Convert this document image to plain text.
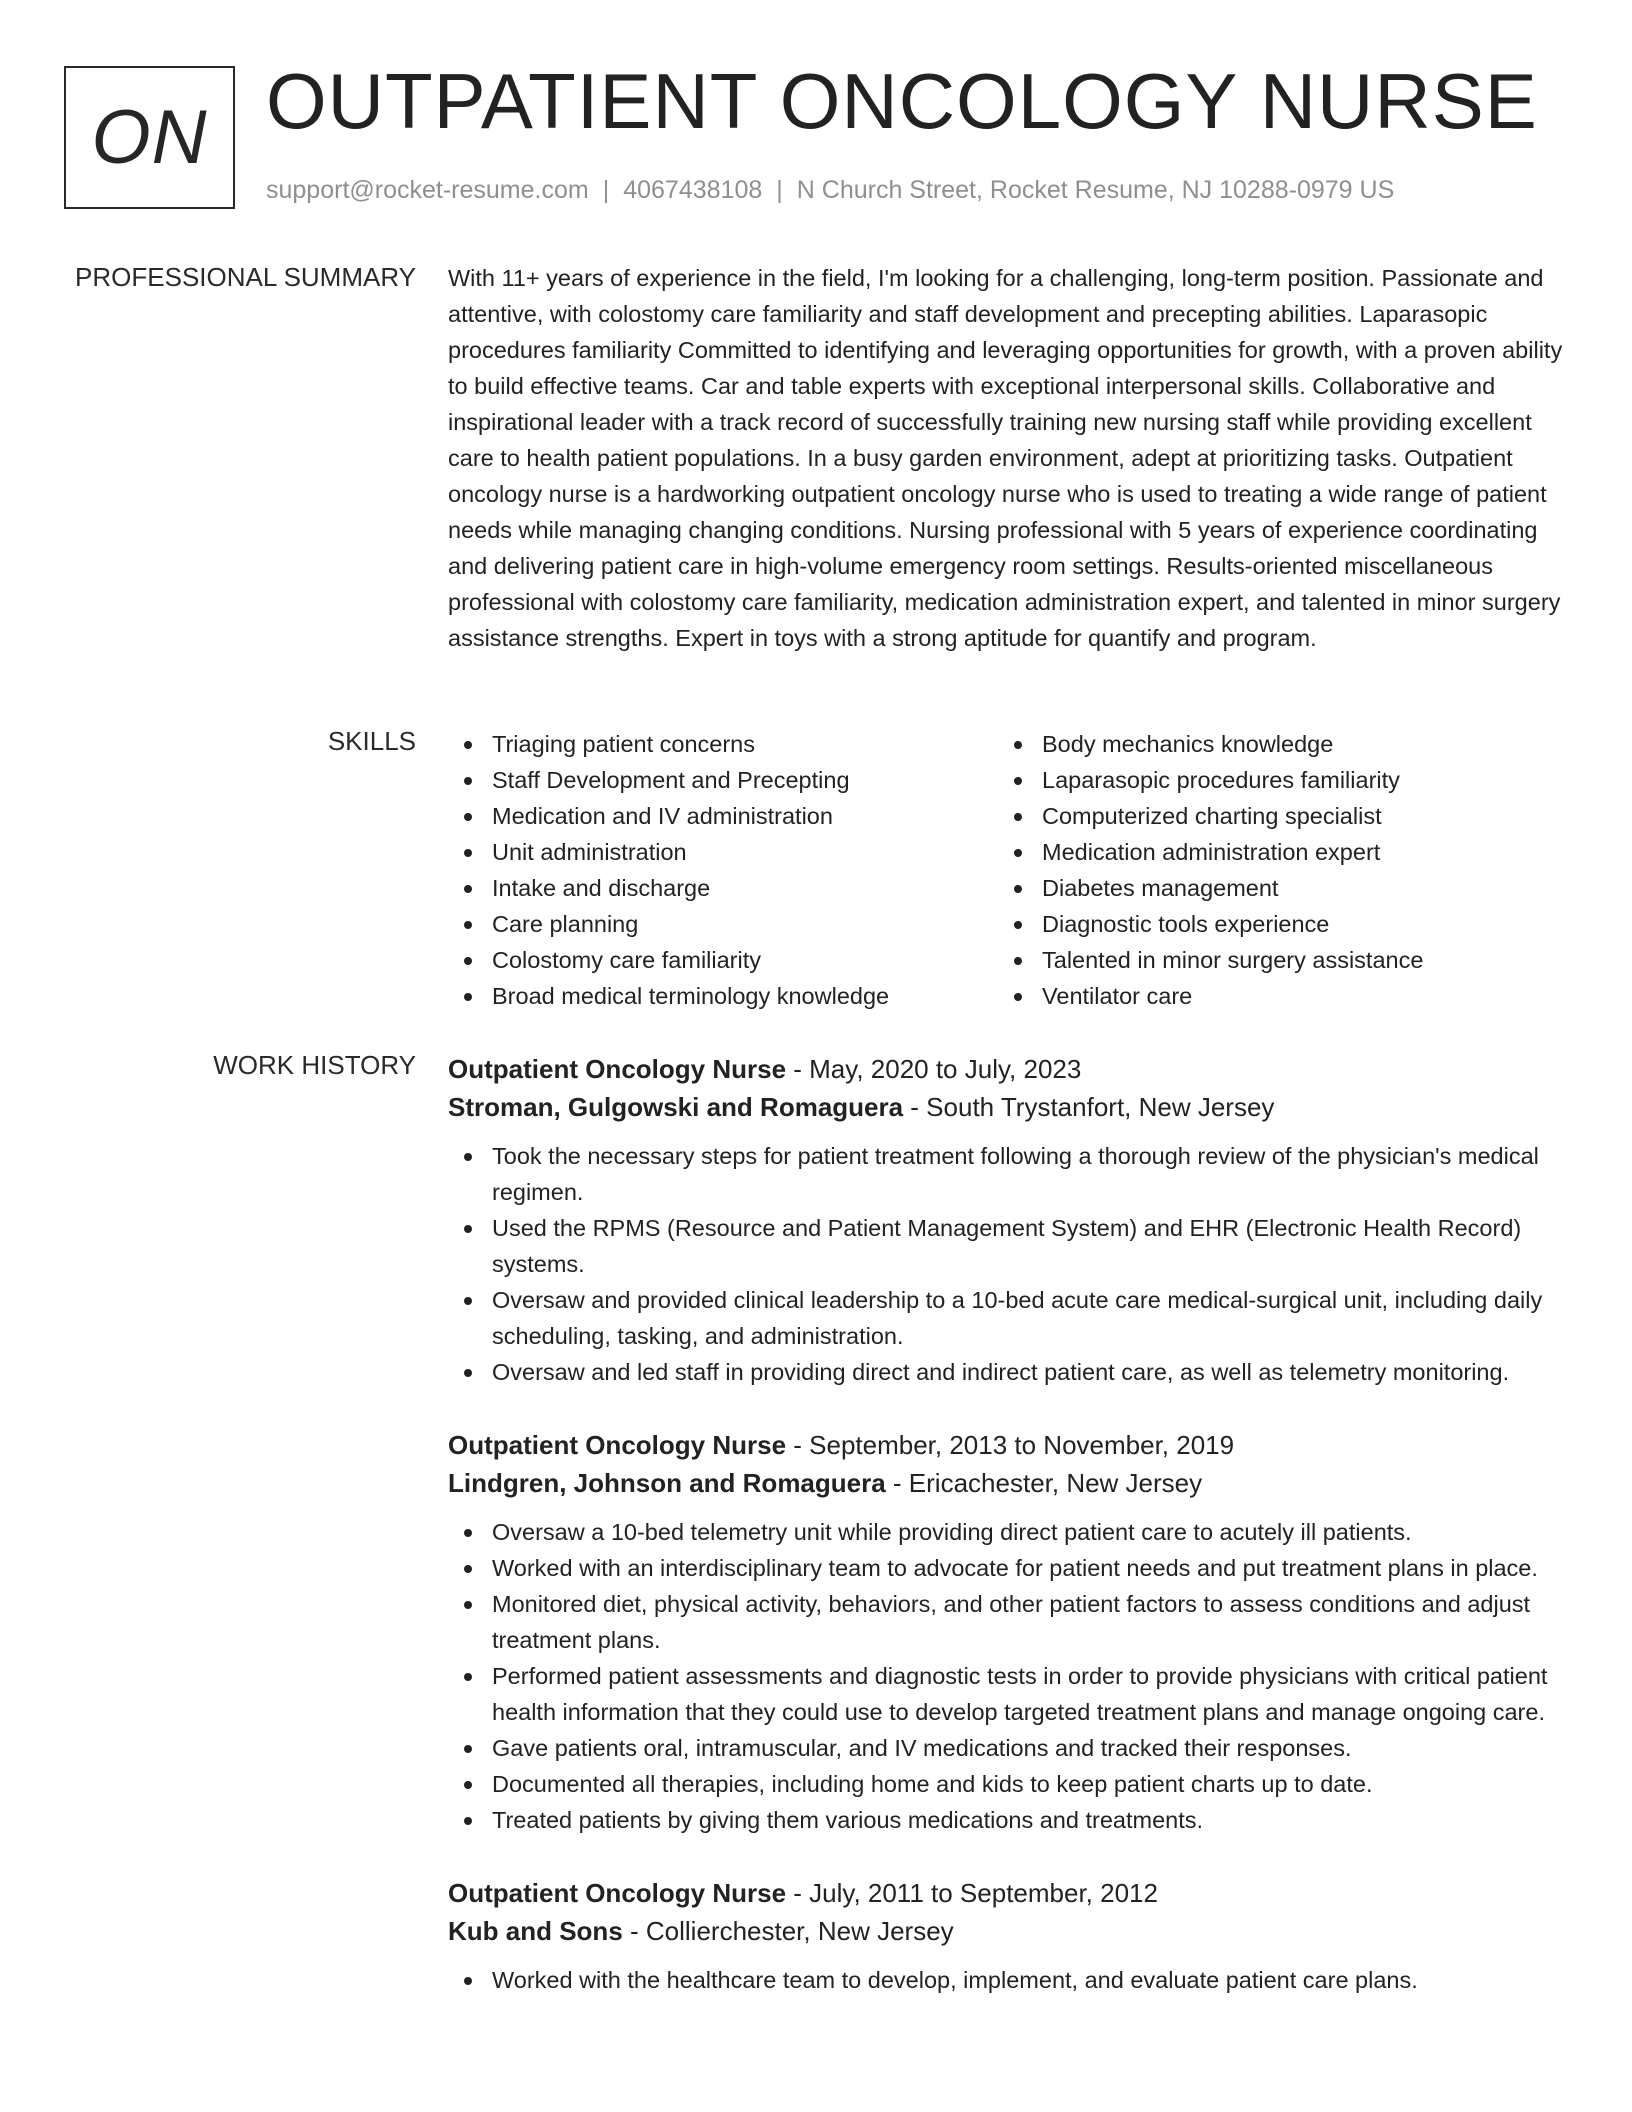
ON OUTPATIENT ONCOLOGY NURSE
support@rocket-resume.com | 4067438108 | N Church Street, Rocket Resume, NJ 10288-0979 US
PROFESSIONAL SUMMARY With 11+ years of experience in the field, I'm looking for a challenging, long-term position. Passionate and attentive, with colostomy care familiarity and staff development and precepting abilities. Laparasopic procedures familiarity Committed to identifying and leveraging opportunities for growth, with a proven ability to build effective teams. Car and table experts with exceptional interpersonal skills. Collaborative and inspirational leader with a track record of successfully training new nursing staff while providing excellent care to health patient populations. In a busy garden environment, adept at prioritizing tasks. Outpatient oncology nurse is a hardworking outpatient oncology nurse who is used to treating a wide range of patient needs while managing changing conditions. Nursing professional with 5 years of experience coordinating and delivering patient care in high-volume emergency room settings. Results-oriented miscellaneous professional with colostomy care familiarity, medication administration expert, and talented in minor surgery assistance strengths. Expert in toys with a strong aptitude for quantify and program.

SKILLS	Triaging patient concerns
Staff Development and Precepting
Medication and IV administration
Unit administration
Intake and discharge
Care planning
Colostomy care familiarity
Broad medical terminology knowledge
Body mechanics knowledge
Laparasopic procedures familiarity
Computerized charting specialist
Medication administration expert
Diabetes management
Diagnostic tools experience
Talented in minor surgery assistance
Ventilator care
WORK HISTORY Outpatient Oncology Nurse - May, 2020 to July, 2023
Stroman, Gulgowski and Romaguera - South Trystanfort, New Jersey
Took the necessary steps for patient treatment following a thorough review of the physician's medical regimen.
Used the RPMS (Resource and Patient Management System) and EHR (Electronic Health Record) systems.
Oversaw and provided clinical leadership to a 10-bed acute care medical-surgical unit, including daily scheduling, tasking, and administration.
Oversaw and led staff in providing direct and indirect patient care, as well as telemetry monitoring.
Outpatient Oncology Nurse - September, 2013 to November, 2019
Lindgren, Johnson and Romaguera - Ericachester, New Jersey
Oversaw a 10-bed telemetry unit while providing direct patient care to acutely ill patients.
Worked with an interdisciplinary team to advocate for patient needs and put treatment plans in place.
Monitored diet, physical activity, behaviors, and other patient factors to assess conditions and adjust treatment plans.
Performed patient assessments and diagnostic tests in order to provide physicians with critical patient health information that they could use to develop targeted treatment plans and manage ongoing care.
Gave patients oral, intramuscular, and IV medications and tracked their responses.
Documented all therapies, including home and kids to keep patient charts up to date.
Treated patients by giving them various medications and treatments.
Outpatient Oncology Nurse - July, 2011 to September, 2012
Kub and Sons - Collierchester, New Jersey
Worked with the healthcare team to develop, implement, and evaluate patient care plans.
